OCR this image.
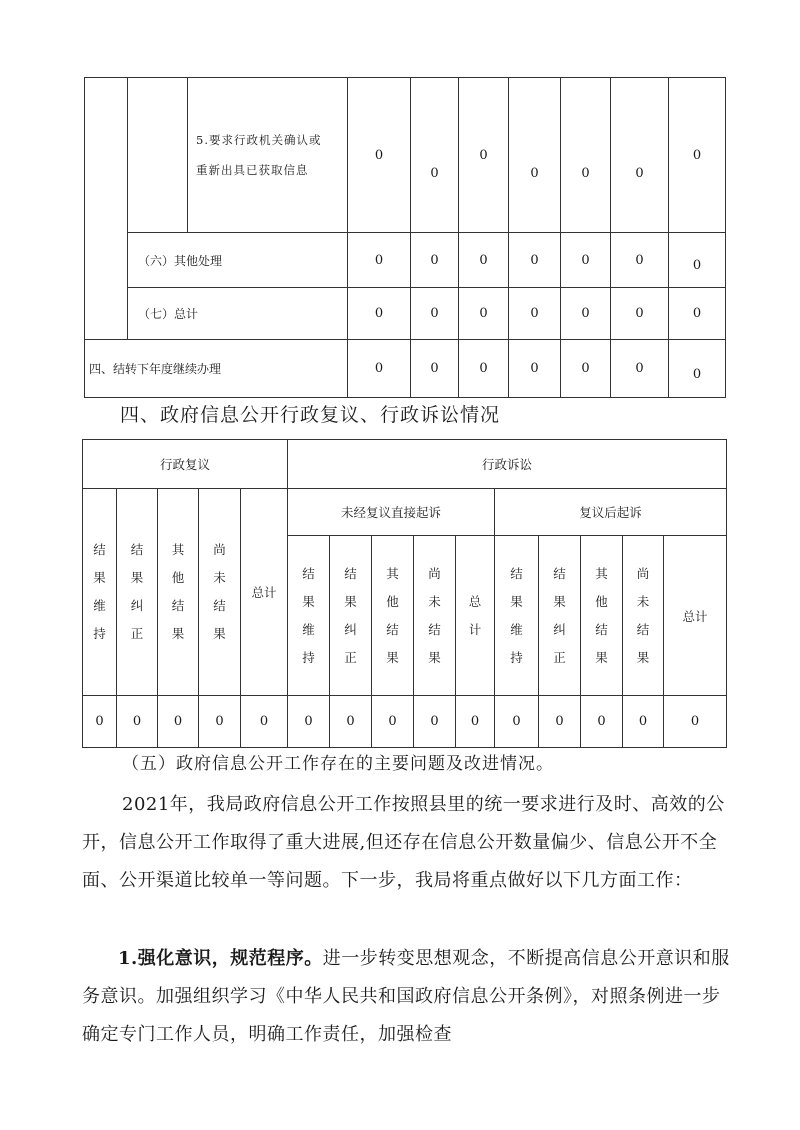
		5.要求行政机关确认或
重新出具已获取信息	0	0	0	0	0	0	0
	（六）其他处理		0	0	0	0	0	0	0
	（七）总计		0	0	0	0	0	0	0
四、结转下年度继续办理			0	0	0	0	0	0	0
四、政府信息公开行政复议、行政诉讼情况
行政复议					行政诉讼									

结
果
维
持	结
果
纠
正	其
他
结
果	尚
未
结
果	总计	未经复议直接起诉					复议后起诉				

					结
果
维
持	结
果
纠
正	其
他
结
果	尚
未
结
果	总
计	结
果
维
持	结
果
纠
正	其
他
结
果	尚
未
结
果	总计
0	0	0	0	0	0	0	0	0	0	0	0	0	0	0
（五）政府信息公开工作存在的主要问题及改进情况。
2021年，我局政府信息公开工作按照县里的统一要求进行及时、高效的公开，信息公开工作取得了重大进展,但还存在信息公开数量偏少、信息公开不全面、公开渠道比较单一等问题。下一步，我局将重点做好以下几方面工作：
1.强化意识，规范程序。进一步转变思想观念，不断提高信息公开意识和服务意识。加强组织学习《中华人民共和国政府信息公开条例》，对照条例进一步确定专门工作人员，明确工作责任，加强检查
